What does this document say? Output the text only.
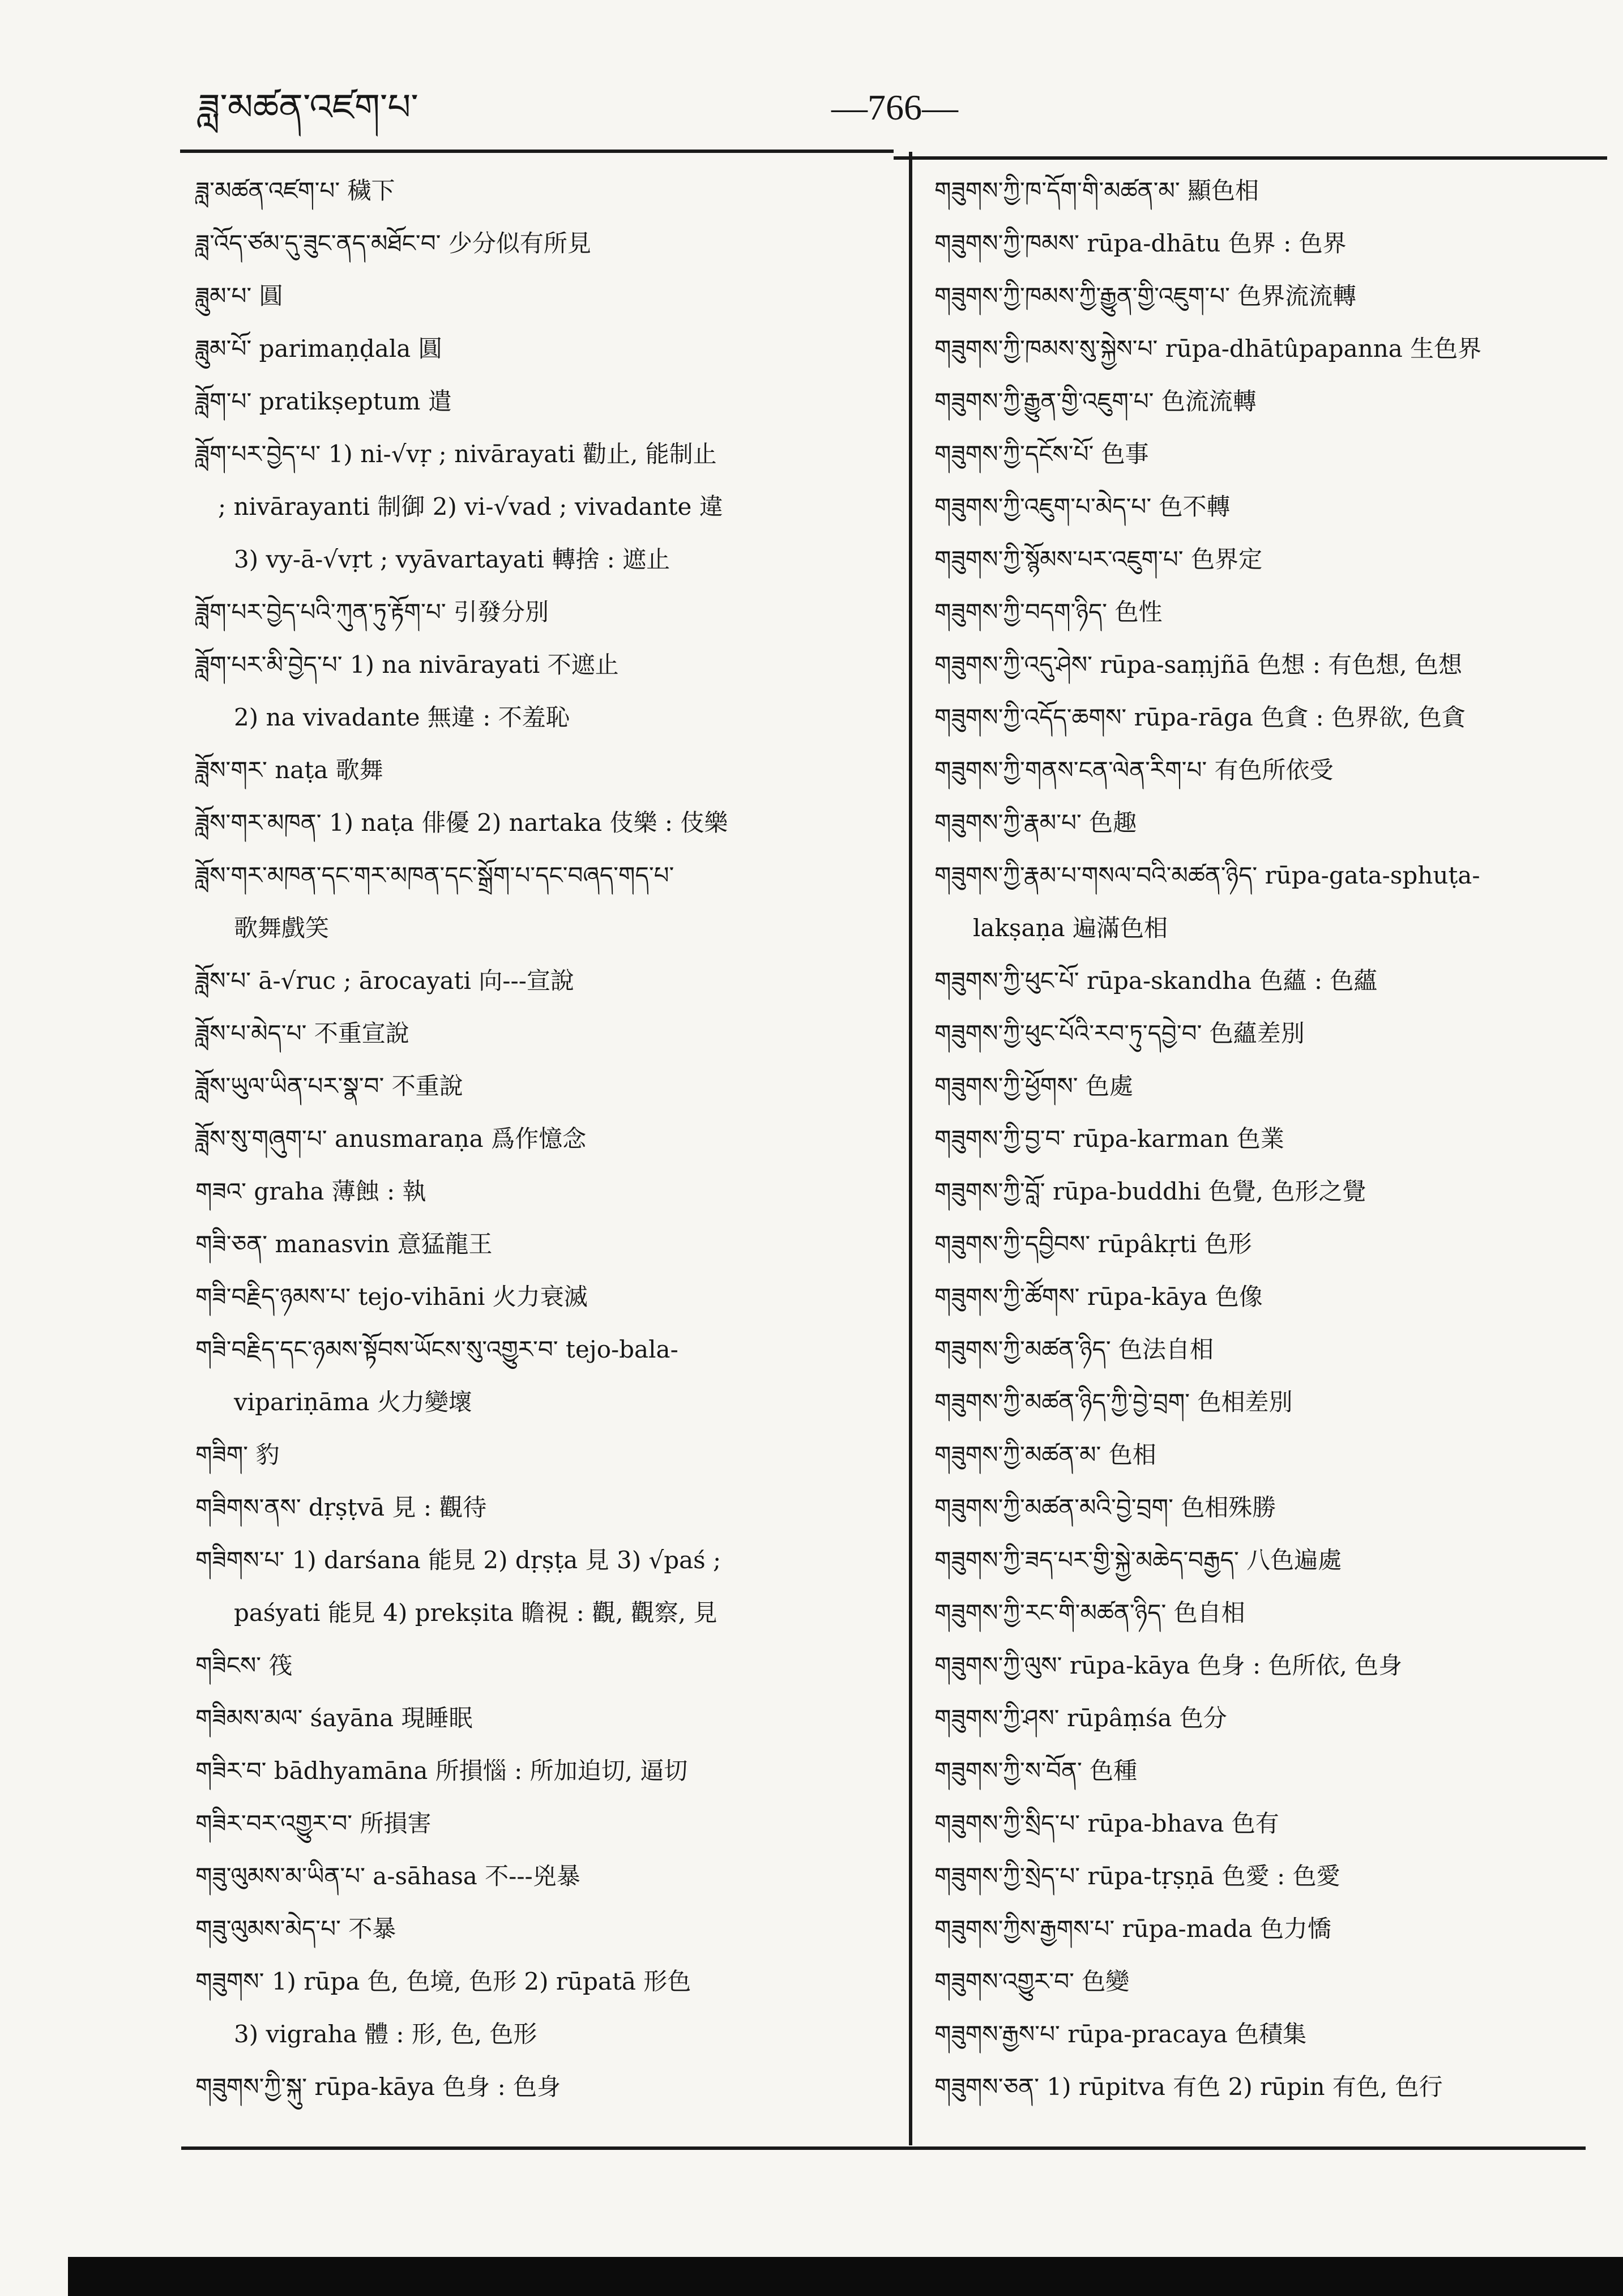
ཟླ་མཚན་འཛག་པ་	—766—
ཟླ་མཚན་འཛག་པ་ 穢下
ཟླ་འོད་ཙམ་དུ་ཟུང་ནད་མཐོང་བ་ 少分似有所見
ཟླུམ་པ་ 圓
ཟླུམ་པོ་ parimaṇḍala 圓
ཟློག་པ་ pratikṣeptum 遣
ཟློག་པར་བྱེད་པ་ 1) ni-√vṛ ; nivārayati 勸止, 能制止
; nivārayanti 制御 2) vi-√vad ; vivadante 違
3) vy-ā-√vṛt ; vyāvartayati 轉捨 : 遮止
ཟློག་པར་བྱེད་པའི་ཀུན་ཏུ་རྟོག་པ་ 引發分別
ཟློག་པར་མི་བྱེད་པ་ 1) na nivārayati 不遮止
2) na vivadante 無違 : 不羞恥
ཟློས་གར་ naṭa 歌舞
ཟློས་གར་མཁན་ 1) naṭa 俳優 2) nartaka 伎樂 : 伎樂
ཟློས་གར་མཁན་དང་གར་མཁན་དང་སྒྲོག་པ་དང་བཞད་གད་པ་
歌舞戲笑
ཟློས་པ་ ā-√ruc ; ārocayati 向---宣說
ཟློས་པ་མེད་པ་ 不重宣說
ཟློས་ཡུལ་ཡིན་པར་སྣ་བ་ 不重說
ཟློས་སུ་གཞུག་པ་ anusmaraṇa 爲作憶念
གཟའ་ graha 薄蝕 : 執
གཟི་ཅན་ manasvin 意猛龍王
གཟི་བརྗིད་ཉམས་པ་ tejo-vihāni 火力衰滅
གཟི་བརྗིད་དང་ཉམས་སྟོབས་ཡོངས་སུ་འགྱུར་བ་ tejo-bala-
vipariṇāma 火力變壞
གཟིག་ 豹
གཟིགས་ནས་ dṛṣṭvā 見 : 觀待
གཟིགས་པ་ 1) darśana 能見 2) dṛṣṭa 見 3) √paś ;
paśyati 能見 4) prekṣita 瞻視 : 觀, 觀察, 見
གཟིངས་ 筏
གཟིམས་མལ་ śayāna 現睡眠
གཟིར་བ་ bādhyamāna 所損惱 : 所加迫切, 逼切
གཟིར་བར་འགྱུར་བ་ 所損害
གཟུ་ལུམས་མ་ཡིན་པ་ a-sāhasa 不---兇暴
གཟུ་ལུམས་མེད་པ་ 不暴
གཟུགས་ 1) rūpa 色, 色境, 色形 2) rūpatā 形色
3) vigraha 體 : 形, 色, 色形
གཟུགས་ཀྱི་སྐུ་ rūpa-kāya 色身 : 色身
གཟུགས་ཀྱི་ཁ་དོག་གི་མཚན་མ་ 顯色相
གཟུགས་ཀྱི་ཁམས་ rūpa-dhātu 色界 : 色界
གཟུགས་ཀྱི་ཁམས་ཀྱི་རྒྱུན་གྱི་འཇུག་པ་ 色界流流轉
གཟུགས་ཀྱི་ཁམས་སུ་སྐྱེས་པ་ rūpa-dhātûpapanna 生色界
གཟུགས་ཀྱི་རྒྱུན་གྱི་འཇུག་པ་ 色流流轉
གཟུགས་ཀྱི་དངོས་པོ་ 色事
གཟུགས་ཀྱི་འཇུག་པ་མེད་པ་ 色不轉
གཟུགས་ཀྱི་སྙོམས་པར་འཇུག་པ་ 色界定
གཟུགས་ཀྱི་བདག་ཉིད་ 色性
གཟུགས་ཀྱི་འདུ་ཤེས་ rūpa-saṃjñā 色想 : 有色想, 色想
གཟུགས་ཀྱི་འདོད་ཆགས་ rūpa-rāga 色貪 : 色界欲, 色貪
གཟུགས་ཀྱི་གནས་ངན་ལེན་རིག་པ་ 有色所依受
གཟུགས་ཀྱི་རྣམ་པ་ 色趣
གཟུགས་ཀྱི་རྣམ་པ་གསལ་བའི་མཚན་ཉིད་ rūpa-gata-sphuṭa-
lakṣaṇa 遍滿色相
གཟུགས་ཀྱི་ཕུང་པོ་ rūpa-skandha 色蘊 : 色蘊
གཟུགས་ཀྱི་ཕུང་པོའི་རབ་ཏུ་དབྱེ་བ་ 色蘊差別
གཟུགས་ཀྱི་ཕྱོགས་ 色處
གཟུགས་ཀྱི་བྱ་བ་ rūpa-karman 色業
གཟུགས་ཀྱི་བློ་ rūpa-buddhi 色覺, 色形之覺
གཟུགས་ཀྱི་དབྱིབས་ rūpâkṛti 色形
གཟུགས་ཀྱི་ཚོགས་ rūpa-kāya 色像
གཟུགས་ཀྱི་མཚན་ཉིད་ 色法自相
གཟུགས་ཀྱི་མཚན་ཉིད་ཀྱི་བྱེ་བྲག་ 色相差別
གཟུགས་ཀྱི་མཚན་མ་ 色相
གཟུགས་ཀྱི་མཚན་མའི་བྱེ་བྲག་ 色相殊勝
གཟུགས་ཀྱི་ཟད་པར་གྱི་སྐྱེ་མཆེད་བརྒྱད་ 八色遍處
གཟུགས་ཀྱི་རང་གི་མཚན་ཉིད་ 色自相
གཟུགས་ཀྱི་ལུས་ rūpa-kāya 色身 : 色所依, 色身
གཟུགས་ཀྱི་ཤས་ rūpâṃśa 色分
གཟུགས་ཀྱི་ས་བོན་ 色種
གཟུགས་ཀྱི་སྲིད་པ་ rūpa-bhava 色有
གཟུགས་ཀྱི་སྲེད་པ་ rūpa-tṛṣṇā 色愛 : 色愛
གཟུགས་ཀྱིས་རྒྱགས་པ་ rūpa-mada 色力憍
གཟུགས་འགྱུར་བ་ 色變
གཟུགས་རྒྱས་པ་ rūpa-pracaya 色積集
གཟུགས་ཅན་ 1) rūpitva 有色 2) rūpin 有色, 色行
